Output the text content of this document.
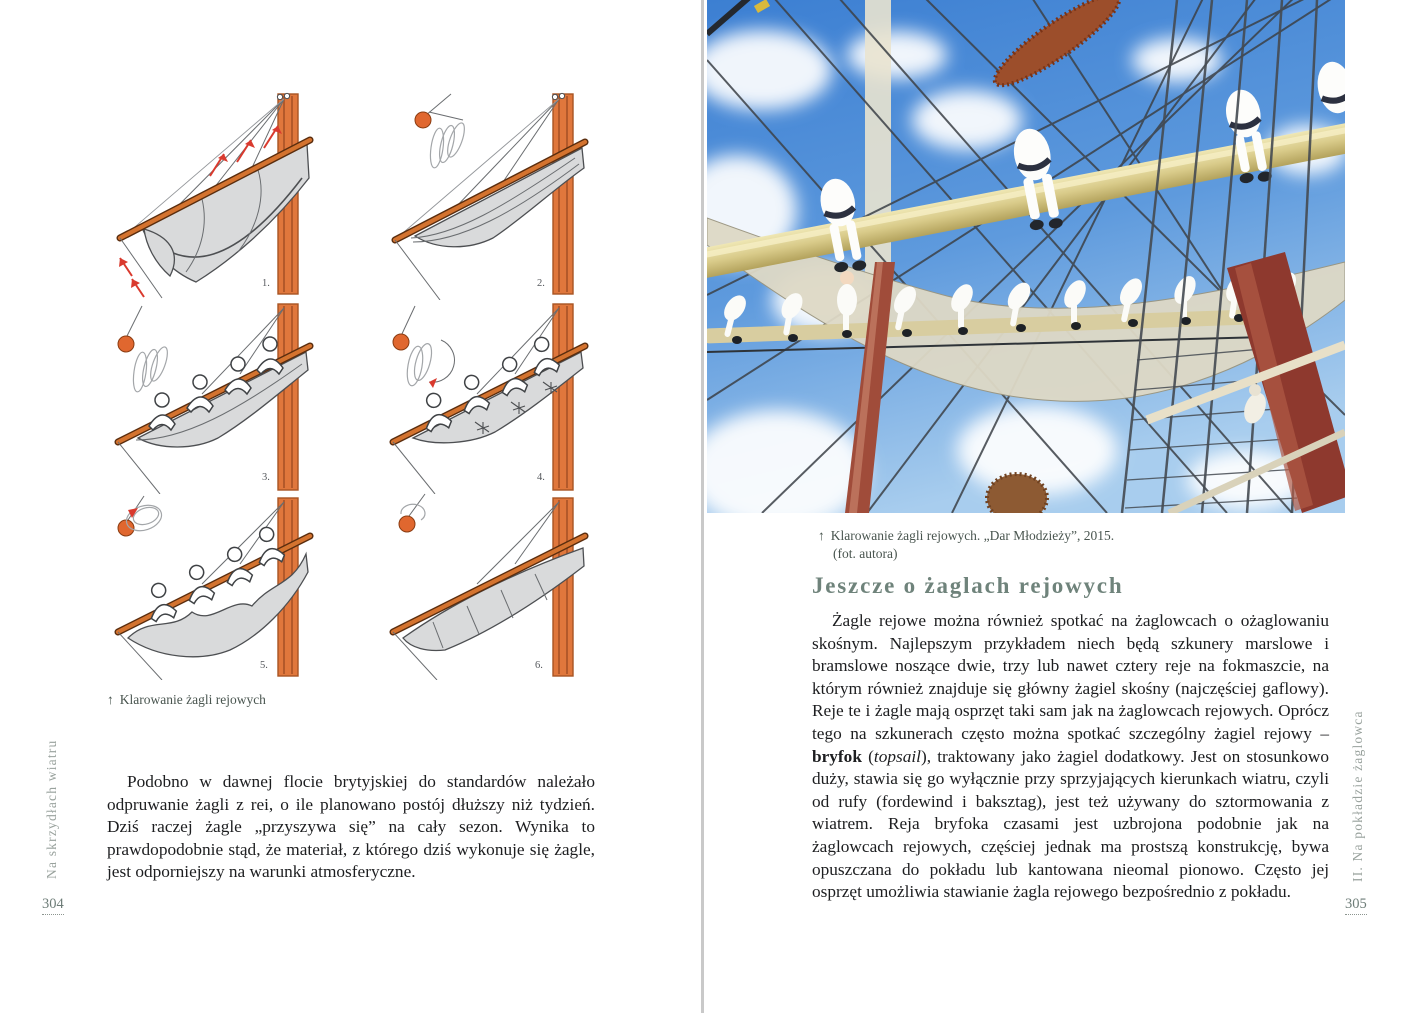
1.	2.
3.	4.
5.	6.
↑ Klarowanie żagli rejowych
Podobno w dawnej flocie brytyjskiej do standardów należało odpruwanie żagli z rei, o ile planowano postój dłuższy niż tydzień. Dziś raczej żagle „przyszywa się” na cały sezon. Wynika to prawdopodobnie stąd, że materiał, z którego dziś wykonuje się żagle, jest odporniejszy na warunki atmosferyczne.
Na skrzydłach wiatru
304
↑ Klarowanie żagli rejowych. „Dar Młodzieży”, 2015.
(fot. autora)
Jeszcze o żaglach rejowych
Żagle rejowe można również spotkać na żaglowcach o ożaglowaniu skośnym. Najlepszym przykładem niech będą szkunery marslowe i bramslowe noszące dwie, trzy lub nawet cztery reje na fokmaszcie, na którym również znajduje się główny żagiel skośny (najczęściej gaflowy). Reje te i żagle mają osprzęt taki sam jak na żaglowcach rejowych. Oprócz tego na szkunerach często można spotkać szczególny żagiel rejowy – bryfok (topsail), traktowany jako żagiel dodatkowy. Jest on stosunkowo duży, stawia się go wyłącznie przy sprzyjających kierunkach wiatru, czyli od rufy (fordewind i baksztag), jest też używany do sztormowania z wiatrem. Reja bryfoka czasami jest uzbrojona podobnie jak na żaglowcach rejowych, częściej jednak ma prostszą konstrukcję, bywa opuszczana do pokładu lub kantowana nieomal pionowo. Często jej osprzęt umożliwia stawianie żagla rejowego bezpośrednio z pokładu.
II. Na pokładzie żaglowca
305
